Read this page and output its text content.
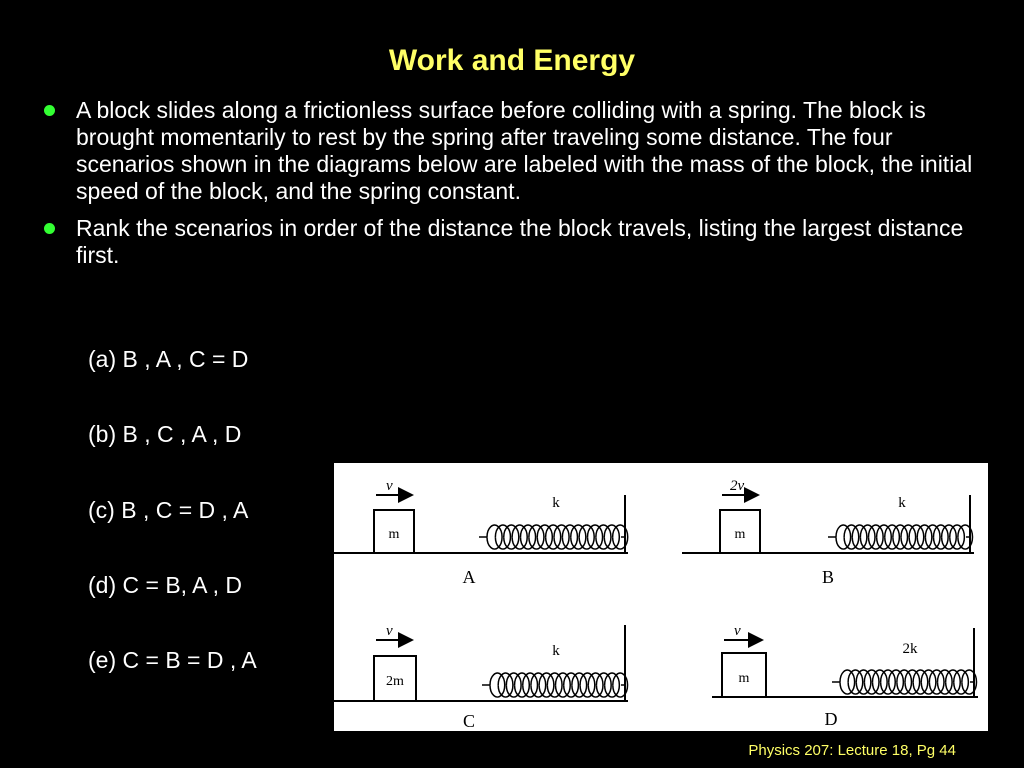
Work and Energy
A block slides along a frictionless surface before colliding with a spring. The block is brought momentarily to rest by the spring after traveling some distance. The four scenarios shown in the diagrams below are labeled with the mass of the block, the initial speed of the block, and the spring constant.
Rank the scenarios in order of the distance the block travels, listing the largest distance first.
(a) B , A , C = D
(b) B , C , A , D
(c) B , C = D , A
(d) C = B, A , D
(e) C = B = D , A
v
m
k
A
2v
m
k
B
v
2m
k
C
v
m
2k
D
Physics 207: Lecture 18, Pg 44
